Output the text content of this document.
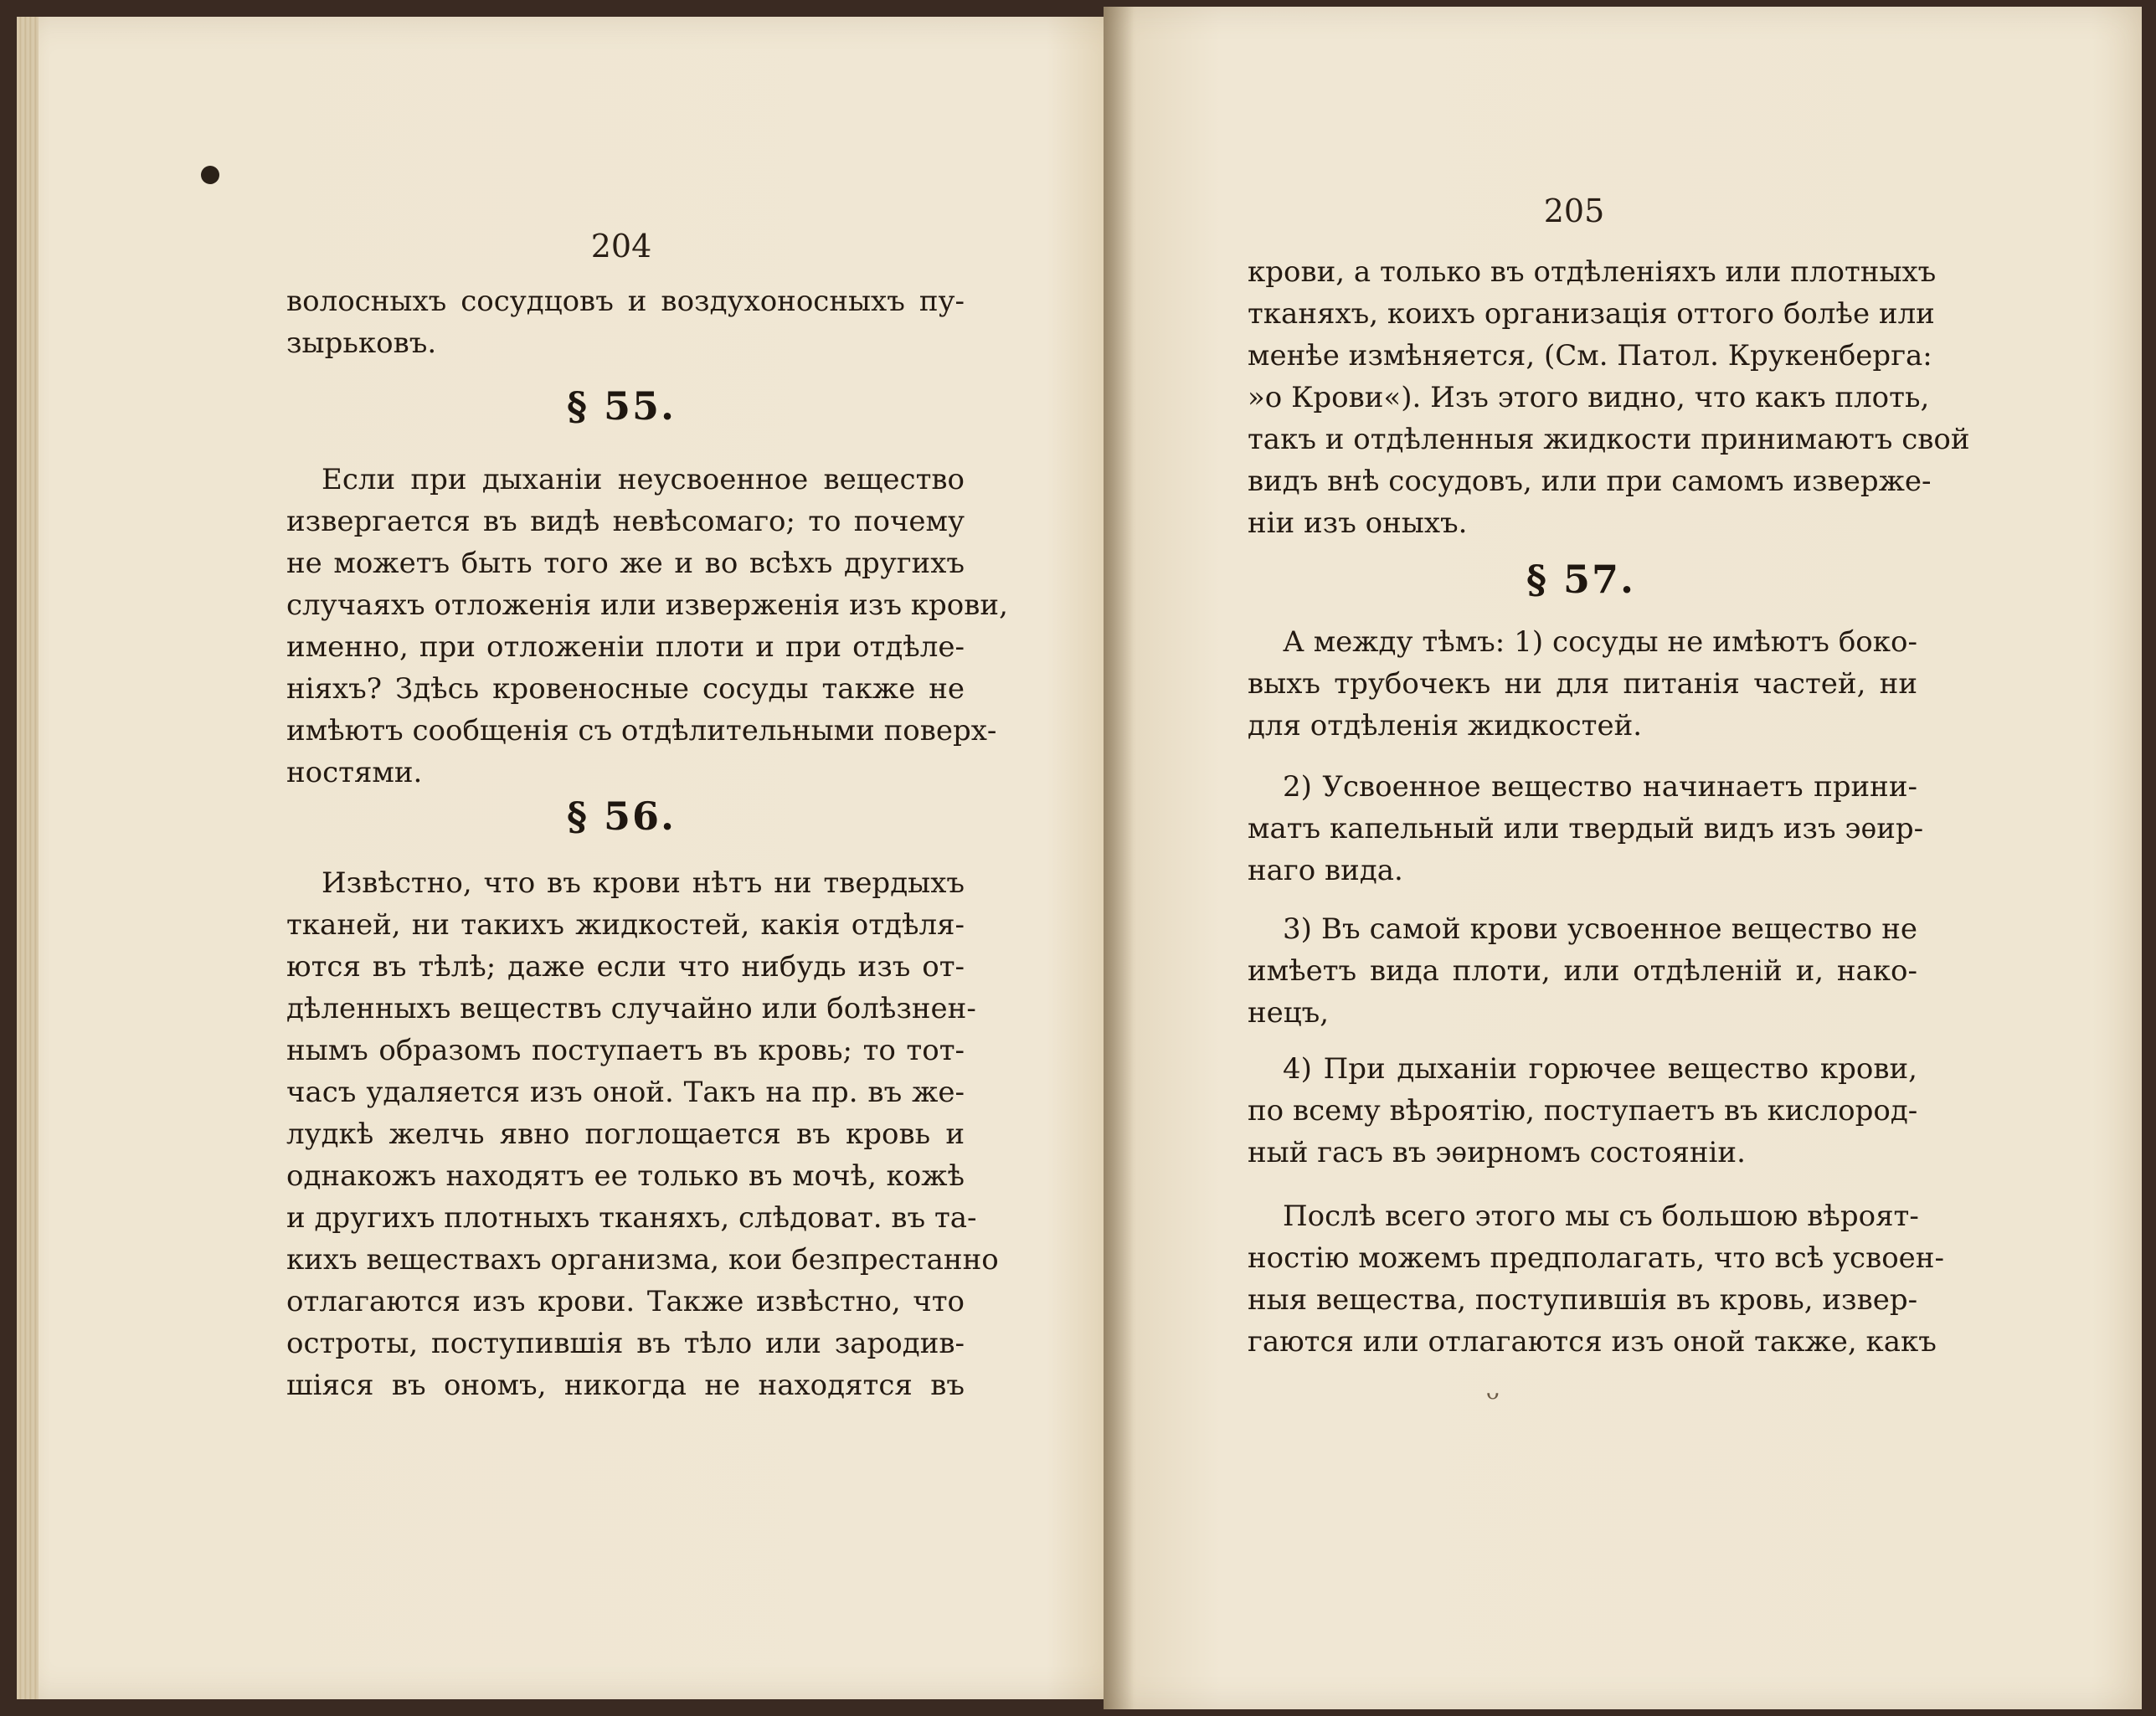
204
волосныхъ сосудцовъ и воздухоносныхъ пу-
зырьковъ.
§ 55.
Если при дыханіи неусвоенное вещество
извергается въ видѣ невѣсомаго; то почему
не можетъ быть того же и во всѣхъ другихъ
случаяхъ отложенія или изверженія изъ крови,
именно, при отложеніи плоти и при отдѣле-
ніяхъ? Здѣсь кровеносные сосуды также не
имѣютъ сообщенія съ отдѣлительными поверх-
ностями.
§ 56.
Извѣстно, что въ крови нѣтъ ни твердыхъ
тканей, ни такихъ жидкостей, какія отдѣля-
ются въ тѣлѣ; даже если что нибудь изъ от-
дѣленныхъ веществъ случайно или болѣзнен-
нымъ образомъ поступаетъ въ кровь; то тот-
часъ удаляется изъ оной. Такъ на пр. въ же-
лудкѣ желчь явно поглощается въ кровь и
однакожъ находятъ ее только въ мочѣ, кожѣ
и другихъ плотныхъ тканяхъ, слѣдоват. въ та-
кихъ веществахъ организма, кои безпрестанно
отлагаются изъ крови. Также извѣстно, что
остроты, поступившія въ тѣло или зародив-
шіяся въ ономъ, никогда не находятся въ
205
крови, а только въ отдѣленіяхъ или плотныхъ
тканяхъ, коихъ организація оттого болѣе или
менѣе измѣняется, (См. Патол. Крукенберга:
»о Крови«). Изъ этого видно, что какъ плоть,
такъ и отдѣленныя жидкости принимаютъ свой
видъ внѣ сосудовъ, или при самомъ изверже-
ніи изъ оныхъ.
§ 57.
А между тѣмъ: 1) сосуды не имѣютъ боко-
выхъ трубочекъ ни для питанія частей, ни
для отдѣленія жидкостей.
2) Усвоенное вещество начинаетъ прини-
матъ капельный или твердый видъ изъ эѳир-
наго вида.
3) Въ самой крови усвоенное вещество не
имѣетъ вида плоти, или отдѣленій и, нако-
нецъ,
4) При дыханіи горючее вещество крови,
по всему вѣроятію, поступаетъ въ кислород-
ный гасъ въ эѳирномъ состояніи.
Послѣ всего этого мы съ большою вѣроят-
ностію можемъ предполагать, что всѣ усвоен-
ныя вещества, поступившія въ кровь, извер-
гаются или отлагаются изъ оной также, какъ
ᴗ
